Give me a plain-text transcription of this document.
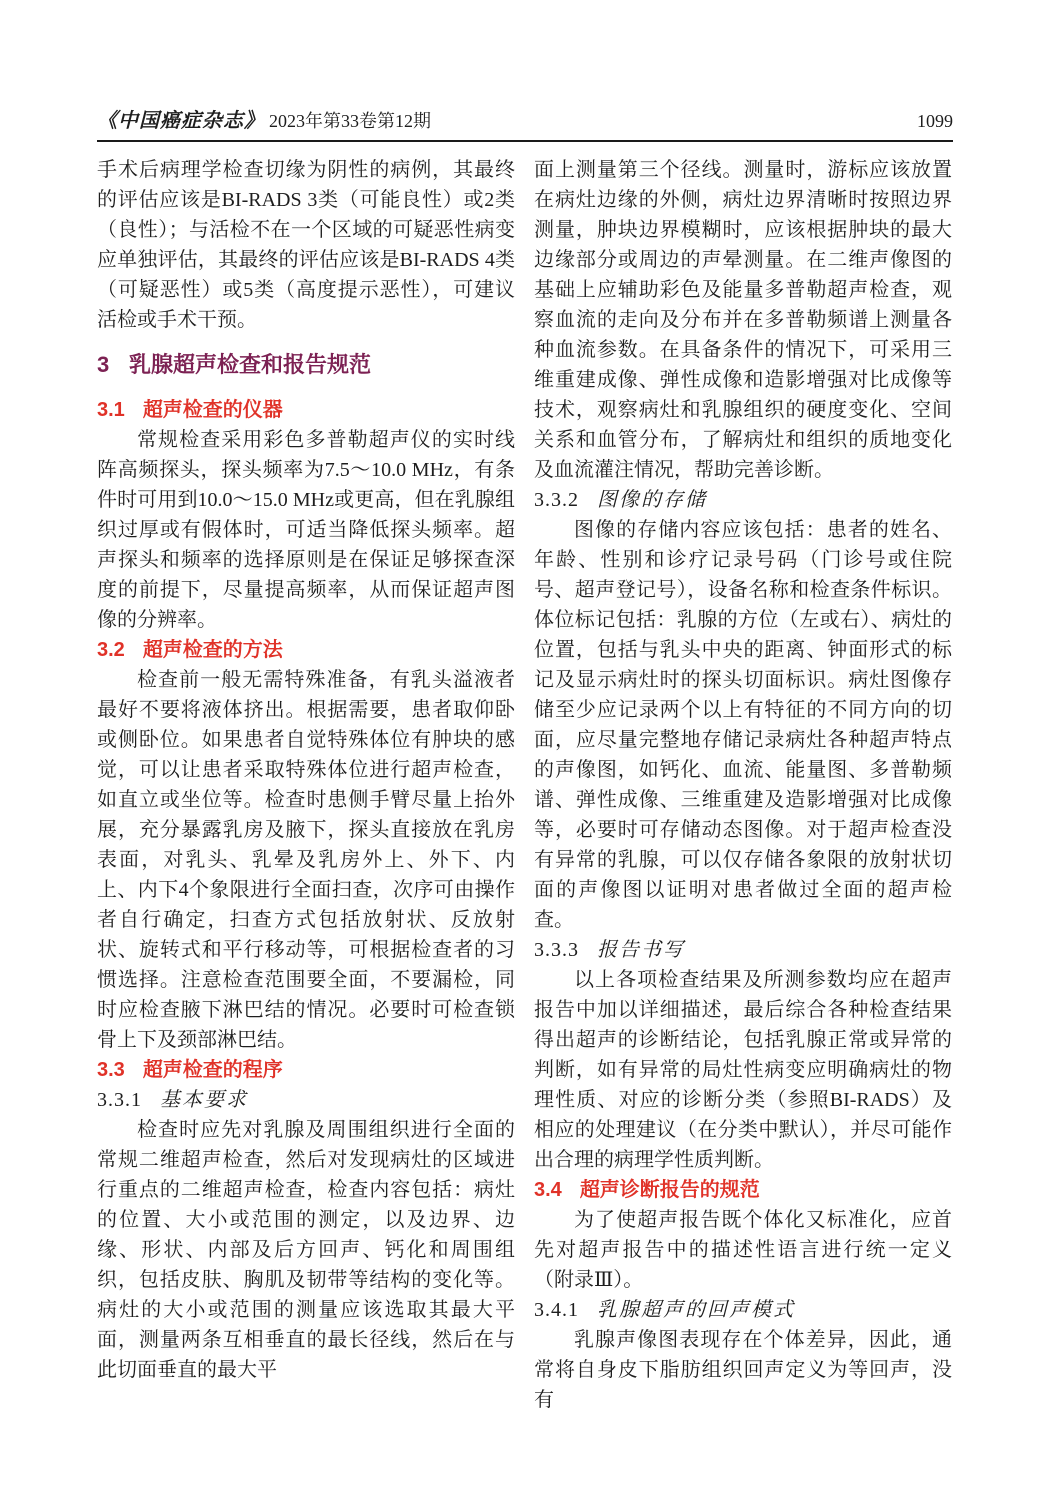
《中国癌症杂志》 2023年第33卷第12期	1099

手术后病理学检查切缘为阴性的病例，其最终的评估应该是BI-RADS 3类（可能良性）或2类（良性）；与活检不在一个区域的可疑恶性病变应单独评估，其最终的评估应该是BI-RADS 4类（可疑恶性）或5类（高度提示恶性），可建议活检或手术干预。

3 乳腺超声检查和报告规范
3.1 超声检查的仪器

常规检查采用彩色多普勒超声仪的实时线阵高频探头，探头频率为7.5～10.0 MHz，有条件时可用到10.0～15.0 MHz或更高，但在乳腺组织过厚或有假体时，可适当降低探头频率。超声探头和频率的选择原则是在保证足够探查深度的前提下，尽量提高频率，从而保证超声图像的分辨率。

3.2 超声检查的方法

检查前一般无需特殊准备，有乳头溢液者最好不要将液体挤出。根据需要，患者取仰卧或侧卧位。如果患者自觉特殊体位有肿块的感觉，可以让患者采取特殊体位进行超声检查，如直立或坐位等。检查时患侧手臂尽量上抬外展，充分暴露乳房及腋下，探头直接放在乳房表面，对乳头、乳晕及乳房外上、外下、内上、内下4个象限进行全面扫查，次序可由操作者自行确定，扫查方式包括放射状、反放射状、旋转式和平行移动等，可根据检查者的习惯选择。注意检查范围要全面，不要漏检，同时应检查腋下淋巴结的情况。必要时可检查锁骨上下及颈部淋巴结。

3.3 超声检查的程序
3.3.1 基本要求

检查时应先对乳腺及周围组织进行全面的常规二维超声检查，然后对发现病灶的区域进行重点的二维超声检查，检查内容包括：病灶的位置、大小或范围的测定，以及边界、边缘、形状、内部及后方回声、钙化和周围组织，包括皮肤、胸肌及韧带等结构的变化等。病灶的大小或范围的测量应该选取其最大平面，测量两条互相垂直的最长径线，然后在与此切面垂直的最大平

面上测量第三个径线。测量时，游标应该放置在病灶边缘的外侧，病灶边界清晰时按照边界测量，肿块边界模糊时，应该根据肿块的最大边缘部分或周边的声晕测量。在二维声像图的基础上应辅助彩色及能量多普勒超声检查，观察血流的走向及分布并在多普勒频谱上测量各种血流参数。在具备条件的情况下，可采用三维重建成像、弹性成像和造影增强对比成像等技术，观察病灶和乳腺组织的硬度变化、空间关系和血管分布，了解病灶和组织的质地变化及血流灌注情况，帮助完善诊断。

3.3.2 图像的存储

图像的存储内容应该包括：患者的姓名、年龄、性别和诊疗记录号码（门诊号或住院号、超声登记号），设备名称和检查条件标识。体位标记包括：乳腺的方位（左或右）、病灶的位置，包括与乳头中央的距离、钟面形式的标记及显示病灶时的探头切面标识。病灶图像存储至少应记录两个以上有特征的不同方向的切面，应尽量完整地存储记录病灶各种超声特点的声像图，如钙化、血流、能量图、多普勒频谱、弹性成像、三维重建及造影增强对比成像等，必要时可存储动态图像。对于超声检查没有异常的乳腺，可以仅存储各象限的放射状切面的声像图以证明对患者做过全面的超声检查。

3.3.3 报告书写

以上各项检查结果及所测参数均应在超声报告中加以详细描述，最后综合各种检查结果得出超声的诊断结论，包括乳腺正常或异常的判断，如有异常的局灶性病变应明确病灶的物理性质、对应的诊断分类（参照BI-RADS）及相应的处理建议（在分类中默认），并尽可能作出合理的病理学性质判断。

3.4 超声诊断报告的规范

为了使超声报告既个体化又标准化，应首先对超声报告中的描述性语言进行统一定义（附录Ⅲ）。

3.4.1 乳腺超声的回声模式

乳腺声像图表现存在个体差异，因此，通常将自身皮下脂肪组织回声定义为等回声，没有
